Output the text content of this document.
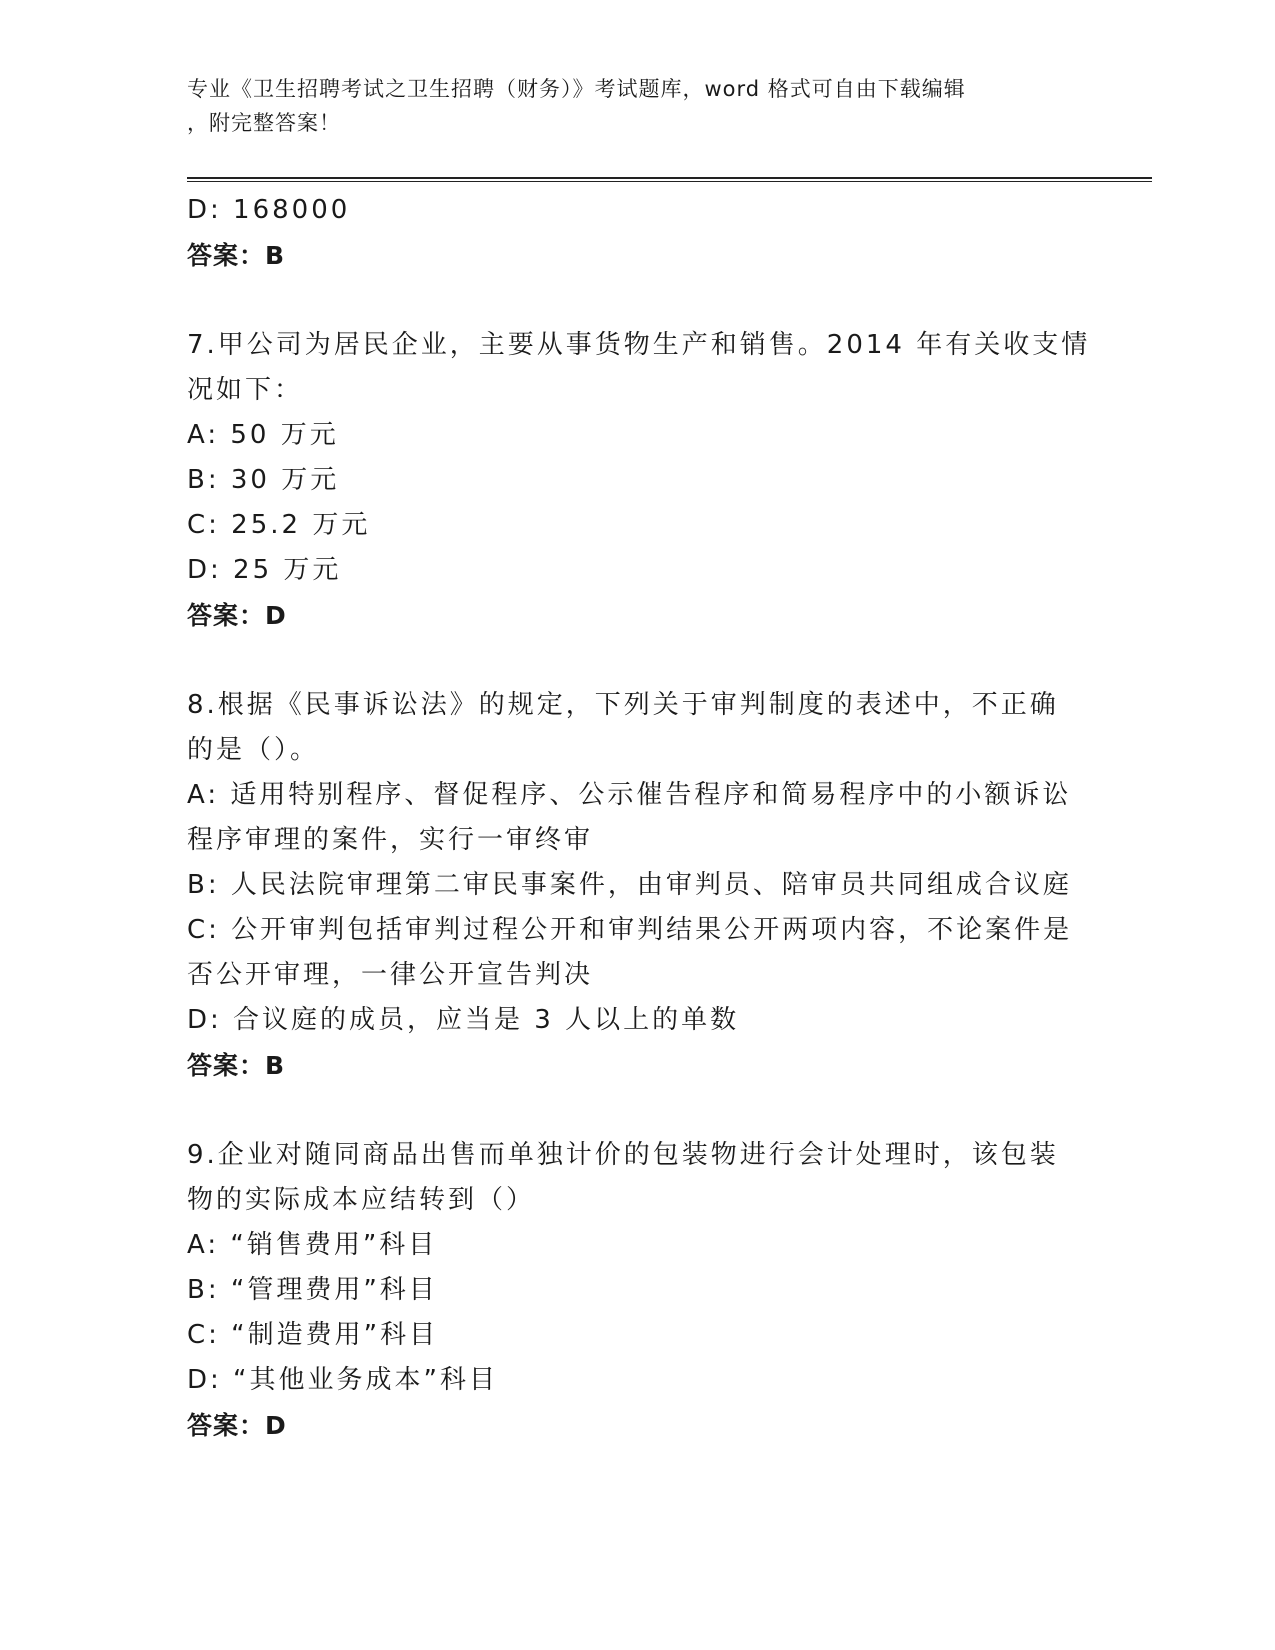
专业《卫生招聘考试之卫生招聘（财务）》考试题库，word 格式可自由下载编辑
，附完整答案！
D: 168000
答案：B
7.甲公司为居民企业，主要从事货物生产和销售。2014 年有关收支情
况如下：
A: 50 万元
B: 30 万元
C: 25.2 万元
D: 25 万元
答案：D
8.根据《民事诉讼法》的规定，下列关于审判制度的表述中，不正确
的是（）。
A: 适用特别程序、督促程序、公示催告程序和简易程序中的小额诉讼
程序审理的案件，实行一审终审
B: 人民法院审理第二审民事案件，由审判员、陪审员共同组成合议庭
C: 公开审判包括审判过程公开和审判结果公开两项内容，不论案件是
否公开审理，一律公开宣告判决
D: 合议庭的成员，应当是 3 人以上的单数
答案：B
9.企业对随同商品出售而单独计价的包装物进行会计处理时，该包装
物的实际成本应结转到（）
A: “销售费用”科目
B: “管理费用”科目
C: “制造费用”科目
D: “其他业务成本”科目
答案：D
